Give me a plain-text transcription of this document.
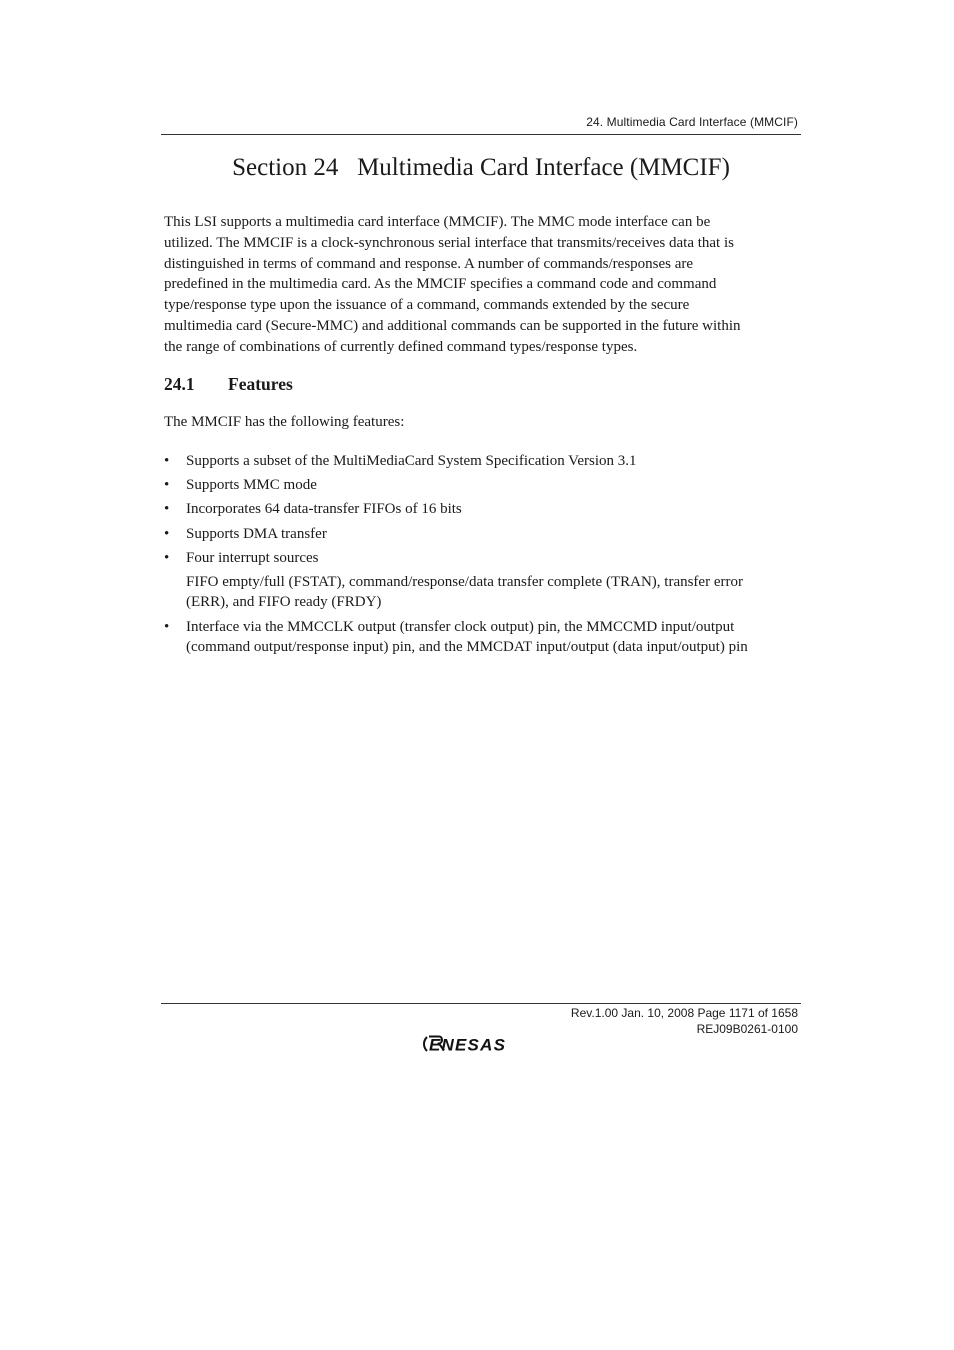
24. Multimedia Card Interface (MMCIF)
Section 24   Multimedia Card Interface (MMCIF)

This LSI supports a multimedia card interface (MMCIF). The MMC mode interface can be
utilized. The MMCIF is a clock-synchronous serial interface that transmits/receives data that is
distinguished in terms of command and response. A number of commands/responses are
predefined in the multimedia card. As the MMCIF specifies a command code and command
type/response type upon the issuance of a command, commands extended by the secure
multimedia card (Secure-MMC) and additional commands can be supported in the future within
the range of combinations of currently defined command types/response types.

24.1 Features

The MMCIF has the following features:

• Supports a subset of the MultiMediaCard System Specification Version 3.1
• Supports MMC mode
• Incorporates 64 data-transfer FIFOs of 16 bits
• Supports DMA transfer
• Four interrupt sources
FIFO empty/full (FSTAT), command/response/data transfer complete (TRAN), transfer error
(ERR), and FIFO ready (FRDY)
• Interface via the MMCCLK output (transfer clock output) pin, the MMCCMD input/output
(command output/response input) pin, and the MMCDAT input/output (data input/output) pin
Rev.1.00 Jan. 10, 2008 Page 1171 of 1658
REJ09B0261-0100
ENESAS
